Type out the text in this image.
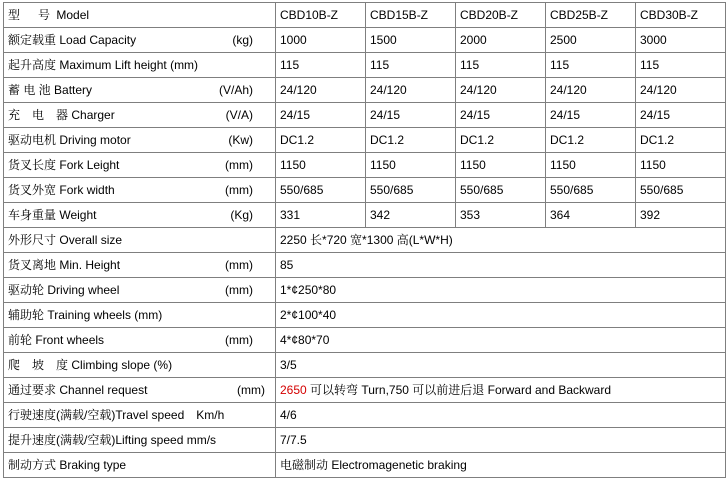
型　号 Model	CBD10B-Z	CBD15B-Z	CBD20B-Z	CBD25B-Z	CBD30B-Z

额定载重 Load Capacity (kg)	1000	1500	2000	2500	3000

起升高度 Maximum Lift height (mm)	115	115	115	115	115

蓄 电 池 Battery (V/Ah)	24/120	24/120	24/120	24/120	24/120

充　电　器 Charger (V/A)	24/15	24/15	24/15	24/15	24/15

驱动电机 Driving motor (Kw)	DC1.2	DC1.2	DC1.2	DC1.2	DC1.2

货叉长度 Fork Leight (mm)	1150	1150	1150	1150	1150

货叉外宽 Fork width (mm)	550/685	550/685	550/685	550/685	550/685

车身重量 Weight (Kg)	331	342	353	364	392

外形尺寸 Overall size	2250 长*720 宽*1300 高(L*W*H)				

货叉离地 Min. Height (mm)	85				

驱动轮 Driving wheel (mm)	1*¢250*80				

辅助轮 Training wheels (mm)	2*¢100*40				

前轮 Front wheels (mm)	4*¢80*70				

爬　坡　度 Climbing slope (%)	3/5				

通过要求 Channel request (mm)	2650 可以转弯 Turn,750 可以前进后退 Forward and Backward				

行驶速度(满载/空载)Travel speed　Km/h	4/6				

提升速度(满载/空载)Lifting speed mm/s	7/7.5				

制动方式 Braking type	电磁制动 Electromagenetic braking				
